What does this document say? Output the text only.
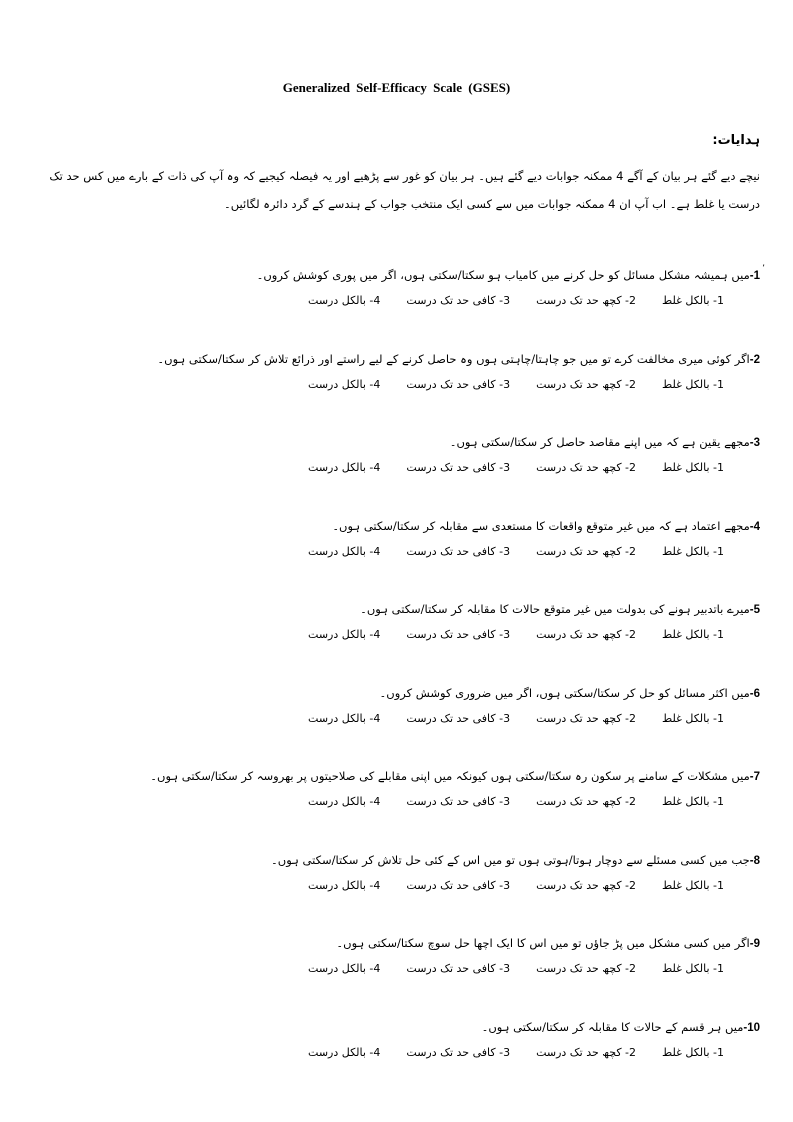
Generalized Self-Efficacy Scale (GSES)
ہدایات:
نیچے دیے گئے ہر بیان کے آگے 4 ممکنہ جوابات دیے گئے ہیں۔ ہر بیان کو غور سے پڑھیے اور یہ فیصلہ کیجیے کہ وہ آپ کی ذات کے بارے میں کس حد تک درست یا غلط ہے۔ اب آپ ان 4 ممکنہ جوابات میں سے کسی ایک منتخب جواب کے ہندسے کے گرد دائرہ لگائیں۔
ʼ
1-میں ہمیشہ مشکل مسائل کو حل کرنے میں کامیاب ہو سکتا/سکتی ہوں، اگر میں پوری کوشش کروں۔
1- بالکل غلط
2- کچھ حد تک درست
3- کافی حد تک درست
4- بالکل درست
2-اگر کوئی میری مخالفت کرے تو میں جو چاہتا/چاہتی ہوں وہ حاصل کرنے کے لیے راستے اور ذرائع تلاش کر سکتا/سکتی ہوں۔
1- بالکل غلط
2- کچھ حد تک درست
3- کافی حد تک درست
4- بالکل درست
3-مجھے یقین ہے کہ میں اپنے مقاصد حاصل کر سکتا/سکتی ہوں۔
1- بالکل غلط
2- کچھ حد تک درست
3- کافی حد تک درست
4- بالکل درست
4-مجھے اعتماد ہے کہ میں غیر متوقع واقعات کا مستعدی سے مقابلہ کر سکتا/سکتی ہوں۔
1- بالکل غلط
2- کچھ حد تک درست
3- کافی حد تک درست
4- بالکل درست
5-میرے باتدبیر ہونے کی بدولت میں غیر متوقع حالات کا مقابلہ کر سکتا/سکتی ہوں۔
1- بالکل غلط
2- کچھ حد تک درست
3- کافی حد تک درست
4- بالکل درست
6-میں اکثر مسائل کو حل کر سکتا/سکتی ہوں، اگر میں ضروری کوشش کروں۔
1- بالکل غلط
2- کچھ حد تک درست
3- کافی حد تک درست
4- بالکل درست
7-میں مشکلات کے سامنے پر سکون رہ سکتا/سکتی ہوں کیونکہ میں اپنی مقابلے کی صلاحیتوں پر بھروسہ کر سکتا/سکتی ہوں۔
1- بالکل غلط
2- کچھ حد تک درست
3- کافی حد تک درست
4- بالکل درست
8-جب میں کسی مسئلے سے دوچار ہوتا/ہوتی ہوں تو میں اس کے کئی حل تلاش کر سکتا/سکتی ہوں۔
1- بالکل غلط
2- کچھ حد تک درست
3- کافی حد تک درست
4- بالکل درست
9-اگر میں کسی مشکل میں پڑ جاؤں تو میں اس کا ایک اچھا حل سوچ سکتا/سکتی ہوں۔
1- بالکل غلط
2- کچھ حد تک درست
3- کافی حد تک درست
4- بالکل درست
10-میں ہر قسم کے حالات کا مقابلہ کر سکتا/سکتی ہوں۔
1- بالکل غلط
2- کچھ حد تک درست
3- کافی حد تک درست
4- بالکل درست
